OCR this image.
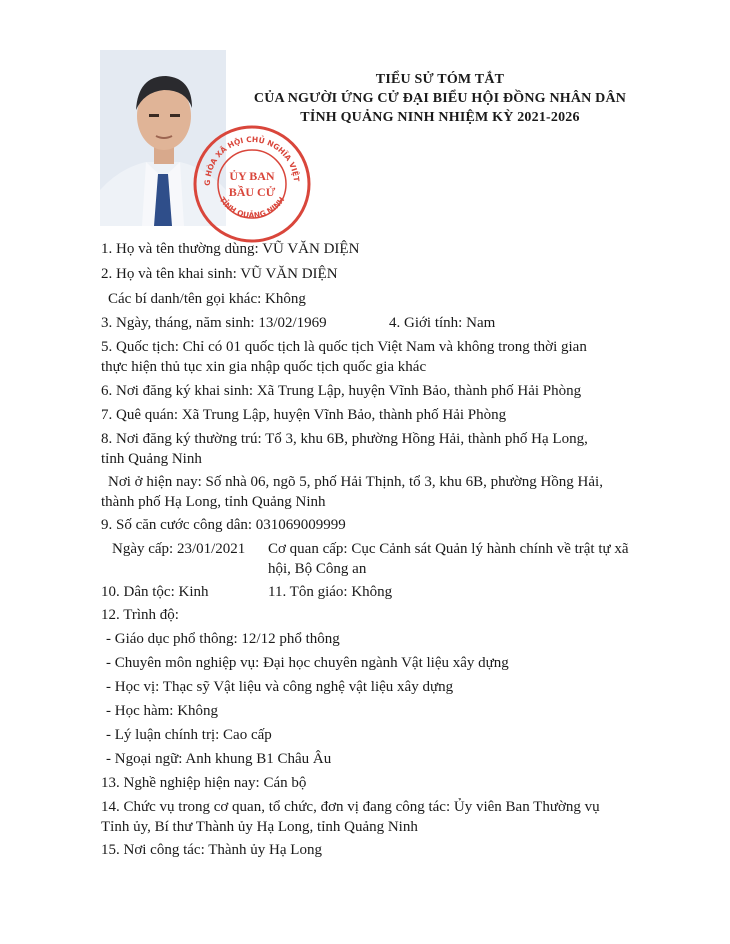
G HÒA XÃ HỘI CHỦ NGHĨA VIỆT
TỈNH QUẢNG NINH
ỦY BAN
BẦU CỬ
TIỂU SỬ TÓM TẮT
CỦA NGƯỜI ỨNG CỬ ĐẠI BIỂU HỘI ĐỒNG NHÂN DÂN
TỈNH QUẢNG NINH NHIỆM KỲ 2021-2026
1. Họ và tên thường dùng: VŨ VĂN DIỆN
2. Họ và tên khai sinh: VŨ VĂN DIỆN
Các bí danh/tên gọi khác: Không
3. Ngày, tháng, năm sinh: 13/02/1969	4. Giới tính: Nam
5. Quốc tịch: Chỉ có 01 quốc tịch là quốc tịch Việt Nam và không trong thời gian
thực hiện thủ tục xin gia nhập quốc tịch quốc gia khác
6. Nơi đăng ký khai sinh: Xã Trung Lập, huyện Vĩnh Bảo, thành phố Hải Phòng
7. Quê quán: Xã Trung Lập, huyện Vĩnh Bảo, thành phố Hải Phòng
8. Nơi đăng ký thường trú: Tổ 3, khu 6B, phường Hồng Hải, thành phố Hạ Long,
tỉnh Quảng Ninh
Nơi ở hiện nay: Số nhà 06, ngõ 5, phố Hải Thịnh, tổ 3, khu 6B, phường Hồng Hải,
thành phố Hạ Long, tỉnh Quảng Ninh
9. Số căn cước công dân: 031069009999
Ngày cấp: 23/01/2021 Cơ quan cấp: Cục Cảnh sát Quản lý hành chính về trật tự xã
hội, Bộ Công an
10. Dân tộc: Kinh	11. Tôn giáo: Không
12. Trình độ:
- Giáo dục phổ thông: 12/12 phổ thông
- Chuyên môn nghiệp vụ: Đại học chuyên ngành Vật liệu xây dựng
- Học vị: Thạc sỹ Vật liệu và công nghệ vật liệu xây dựng
- Học hàm: Không
- Lý luận chính trị: Cao cấp
- Ngoại ngữ: Anh khung B1 Châu Âu
13. Nghề nghiệp hiện nay: Cán bộ
14. Chức vụ trong cơ quan, tổ chức, đơn vị đang công tác: Ủy viên Ban Thường vụ
Tỉnh ủy, Bí thư Thành ủy Hạ Long, tỉnh Quảng Ninh
15. Nơi công tác: Thành ủy Hạ Long
